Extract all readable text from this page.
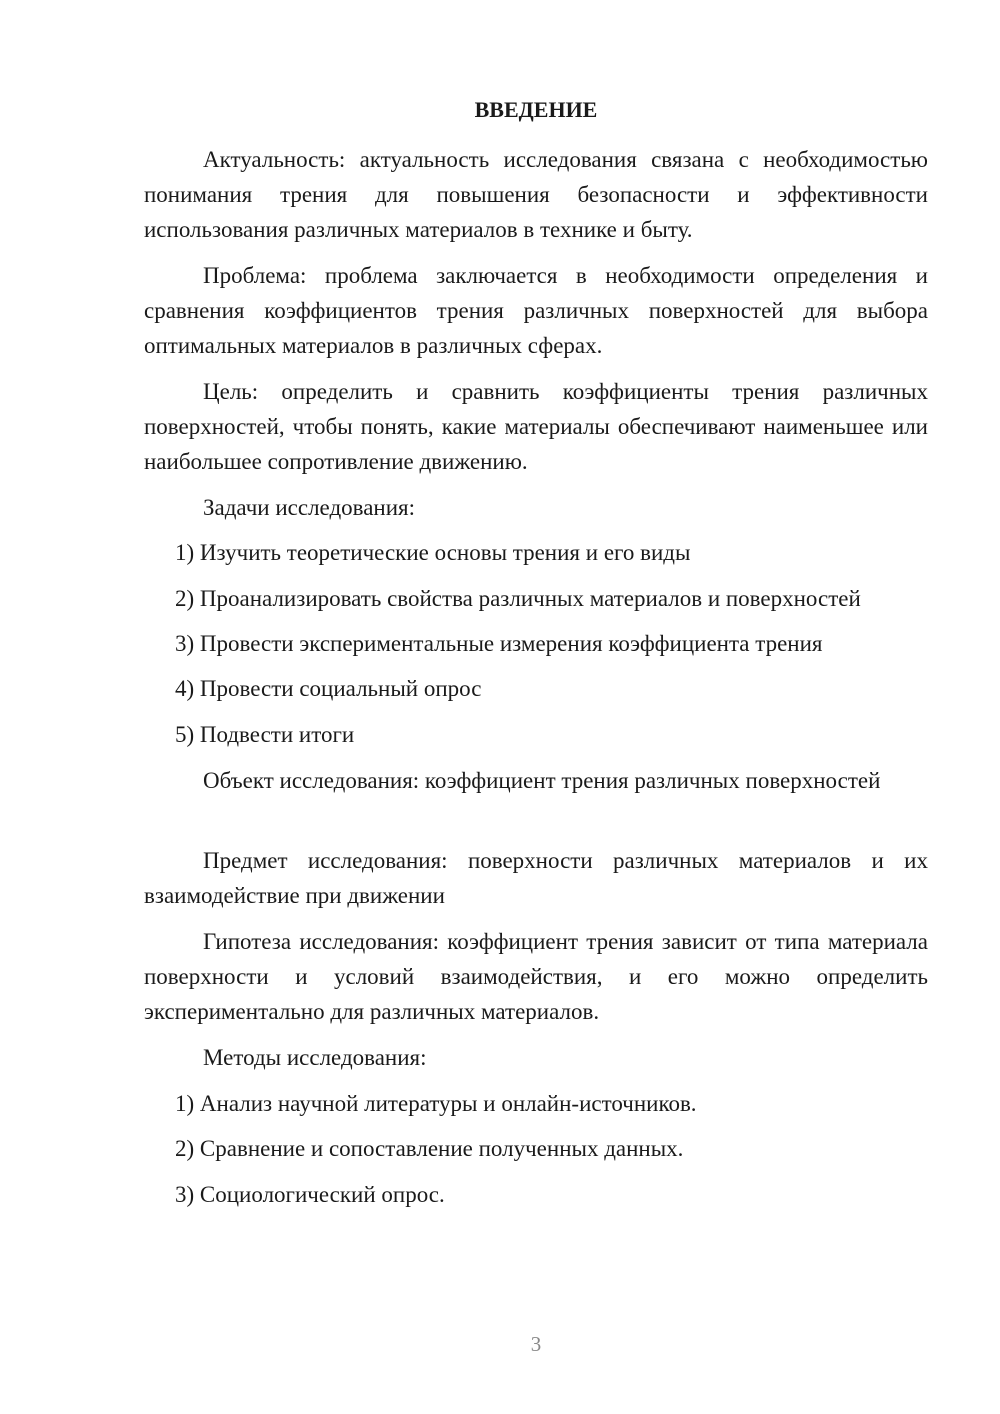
ВВЕДЕНИЕ

Актуальность: актуальность исследования связана с необходимостью понимания трения для повышения безопасности и эффективности использования различных материалов в технике и быту.

Проблема: проблема заключается в необходимости определения и сравнения коэффициентов трения различных поверхностей для выбора оптимальных материалов в различных сферах.

Цель: определить и сравнить коэффициенты трения различных поверхностей, чтобы понять, какие материалы обеспечивают наименьшее или наибольшее сопротивление движению.

Задачи исследования:

1) Изучить теоретические основы трения и его виды

2) Проанализировать свойства различных материалов и поверхностей

3) Провести экспериментальные измерения коэффициента трения

4) Провести социальный опрос

5) Подвести итоги

Объект исследования: коэффициент трения различных поверхностей

Предмет исследования: поверхности различных материалов и их взаимодействие при движении

Гипотеза исследования: коэффициент трения зависит от типа материала поверхности и условий взаимодействия, и его можно определить экспериментально для различных материалов.

Методы исследования:

1) Анализ научной литературы и онлайн-источников.

2) Сравнение и сопоставление полученных данных.

3) Социологический опрос.

3
